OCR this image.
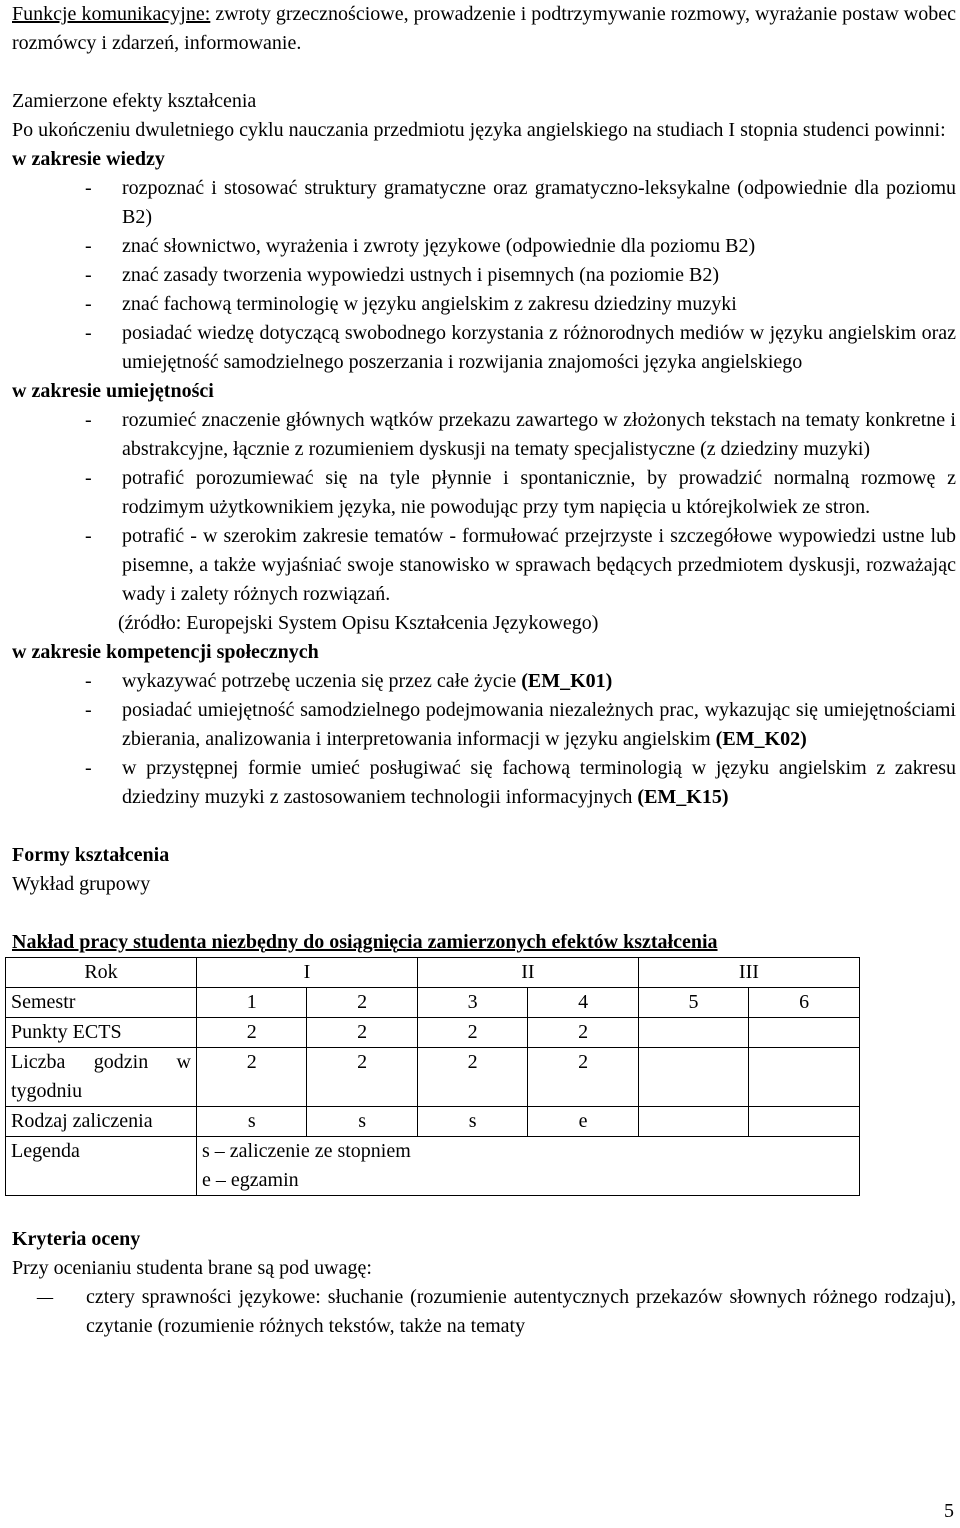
Funkcje komunikacyjne: zwroty grzecznościowe, prowadzenie i podtrzymywanie rozmowy, wyrażanie postaw wobec rozmówcy i zdarzeń, informowanie.

Zamierzone efekty kształcenia

Po ukończeniu dwuletniego cyklu nauczania przedmiotu języka angielskiego na studiach I stopnia studenci powinni:

w zakresie wiedzy

- rozpoznać i stosować struktury gramatyczne oraz gramatyczno-leksykalne (odpowiednie dla poziomu B2)
- znać słownictwo, wyrażenia i zwroty językowe (odpowiednie dla poziomu B2)
- znać zasady tworzenia wypowiedzi ustnych i pisemnych (na poziomie B2)
- znać fachową terminologię w języku angielskim z zakresu dziedziny muzyki
- posiadać wiedzę dotyczącą swobodnego korzystania z różnorodnych mediów w języku angielskim oraz umiejętność samodzielnego poszerzania i rozwijania znajomości języka angielskiego

w zakresie umiejętności

- rozumieć znaczenie głównych wątków przekazu zawartego w złożonych tekstach na tematy konkretne i abstrakcyjne, łącznie z rozumieniem dyskusji na tematy specjalistyczne (z dziedziny muzyki)
- potrafić porozumiewać się na tyle płynnie i spontanicznie, by prowadzić normalną rozmowę z rodzimym użytkownikiem języka, nie powodując przy tym napięcia u którejkolwiek ze stron.
- potrafić - w szerokim zakresie tematów - formułować przejrzyste i szczegółowe wypowiedzi ustne lub pisemne, a także wyjaśniać swoje stanowisko w sprawach będących przedmiotem dyskusji, rozważając wady i zalety różnych rozwiązań.

(źródło: Europejski System Opisu Kształcenia Językowego)

w zakresie kompetencji społecznych

- wykazywać potrzebę uczenia się przez całe życie (EM_K01)
- posiadać umiejętność samodzielnego podejmowania niezależnych prac, wykazując się umiejętnościami zbierania, analizowania i interpretowania informacji w języku angielskim (EM_K02)
- w przystępnej formie umieć posługiwać się fachową terminologią w języku angielskim z zakresu dziedziny muzyki z zastosowaniem technologii informacyjnych (EM_K15)

Formy kształcenia

Wykład grupowy

Nakład pracy studenta niezbędny do osiągnięcia zamierzonych efektów kształcenia

Rok	I		II		III	
Semestr	1	2	3	4	5	6
Punkty ECTS	2	2	2	2		
Liczba godzin w tygodniu	2	2	2	2		
Rodzaj zaliczenia	s	s	s	e		
Legenda	s – zaliczenie ze stopniem
e – egzamin					

Kryteria oceny

Przy ocenianiu studenta brane są pod uwagę:

– cztery sprawności językowe: słuchanie (rozumienie autentycznych przekazów słownych różnego rodzaju), czytanie (rozumienie różnych tekstów, także na tematy
5
